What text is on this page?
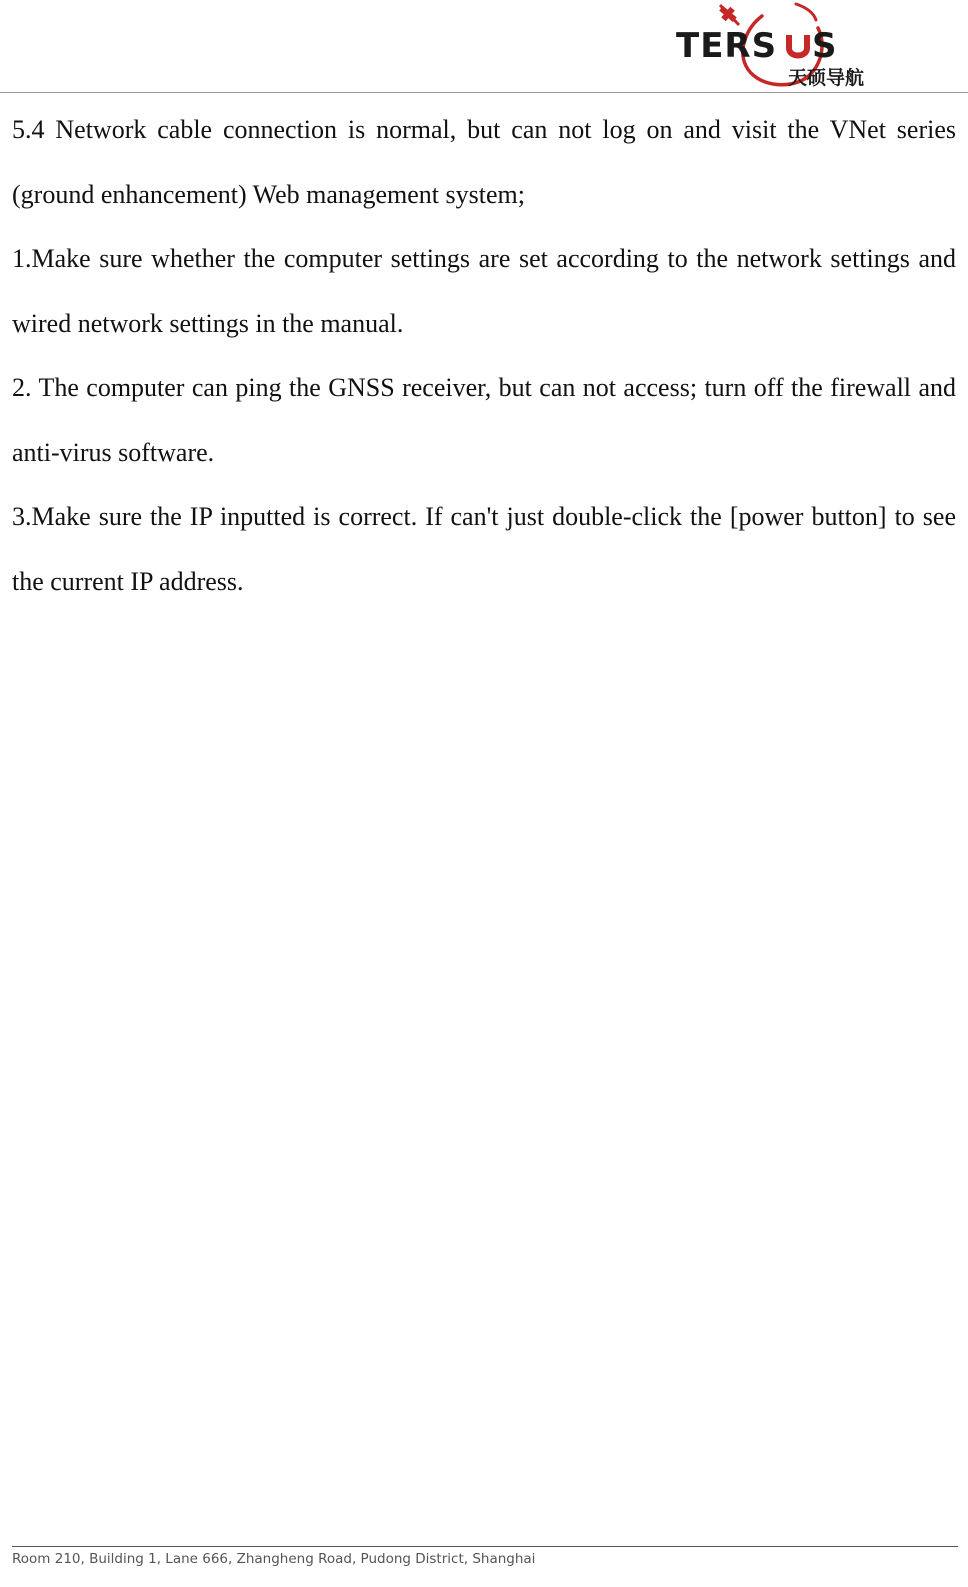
TERS S
天硕导航

5.4 Network cable connection is normal, but can not log on and visit the VNet series (ground enhancement) Web management system;

1.Make sure whether the computer settings are set according to the network settings and wired network settings in the manual.

2. The computer can ping the GNSS receiver, but can not access; turn off the firewall and anti-virus software.

3.Make sure the IP inputted is correct. If can't just double-click the [power button] to see the current IP address.

Room 210, Building 1, Lane 666, Zhangheng Road, Pudong District, Shanghai
